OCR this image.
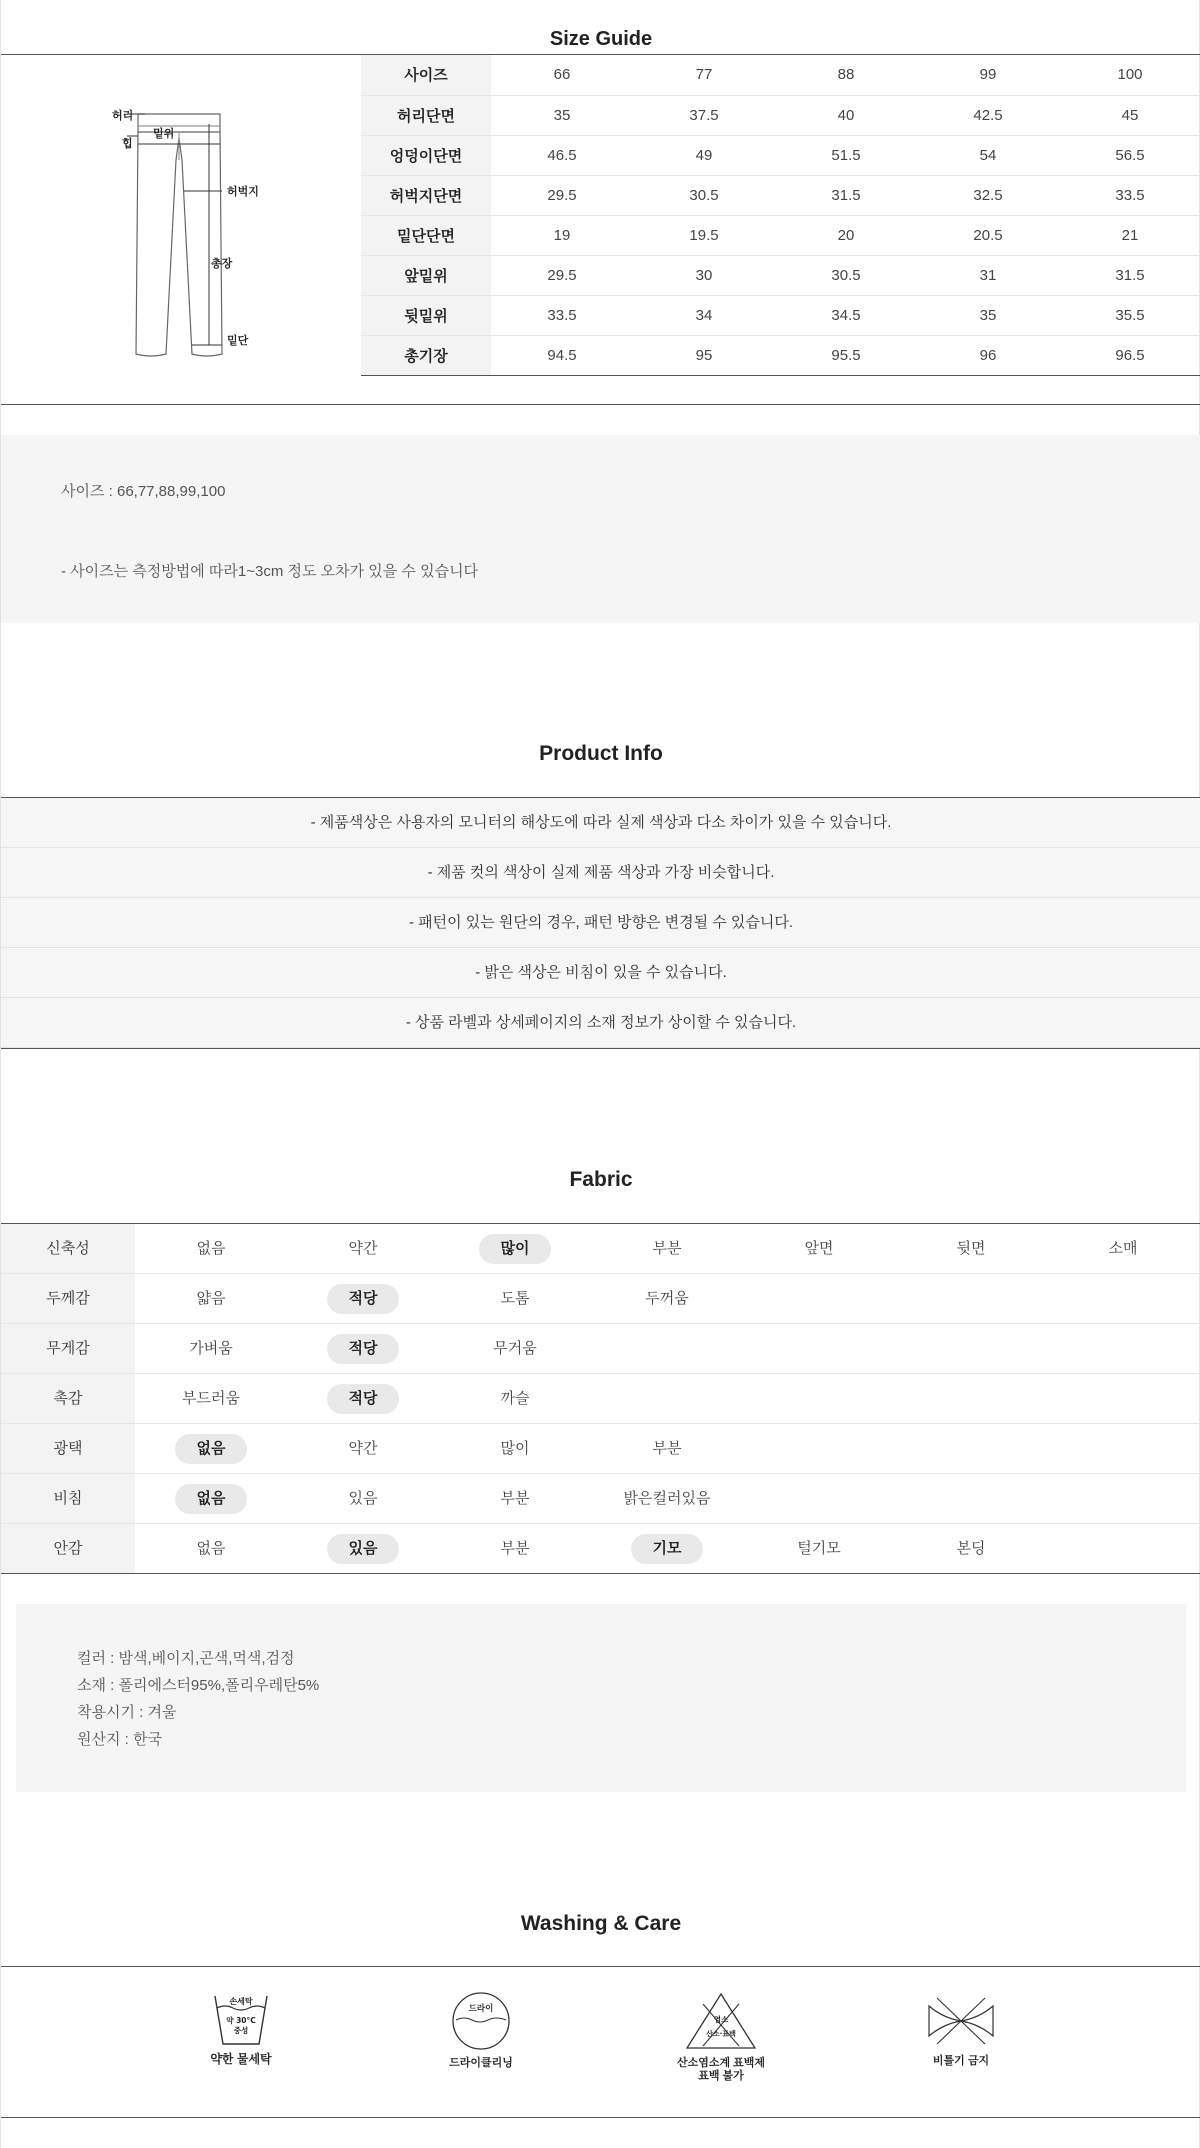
Size Guide
허리
밑위
힙
허벅지
총장
밑단
사이즈	66	77	88	99	100
허리단면	35	37.5	40	42.5	45
엉덩이단면	46.5	49	51.5	54	56.5
허벅지단면	29.5	30.5	31.5	32.5	33.5
밑단단면	19	19.5	20	20.5	21
앞밑위	29.5	30	30.5	31	31.5
뒷밑위	33.5	34	34.5	35	35.5
총기장	94.5	95	95.5	96	96.5
사이즈 : 66,77,88,99,100
- 사이즈는 측정방법에 따라1~3cm 정도 오차가 있을 수 있습니다
Product Info
- 제품색상은 사용자의 모니터의 해상도에 따라 실제 색상과 다소 차이가 있을 수 있습니다.
- 제품 컷의 색상이 실제 제품 색상과 가장 비슷합니다.
- 패턴이 있는 원단의 경우, 패턴 방향은 변경될 수 있습니다.
- 밝은 색상은 비침이 있을 수 있습니다.
- 상품 라벨과 상세페이지의 소재 정보가 상이할 수 있습니다.
Fabric
신축성	없음	약간	많이	부분	앞면	뒷면	소매
두께감	얇음	적당	도톰	두꺼움
무게감	가벼움	적당	무거움
촉감	부드러움	적당	까슬
광택	없음	약간	많이	부분
비침	없음	있음	부분	밝은컬러있음
안감	없음	있음	부분	기모	털기모	본딩
컬러 : 밤색,베이지,곤색,먹색,검정
소재 : 폴리에스터95%,폴리우레탄5%
착용시기 : 겨울
원산지 : 한국
Washing & Care
손세탁
약 30°C
중성
약한 물세탁
드라이
드라이클리닝
염소
산소·표백
산소염소계 표백제
표백 불가
비틀기 금지
